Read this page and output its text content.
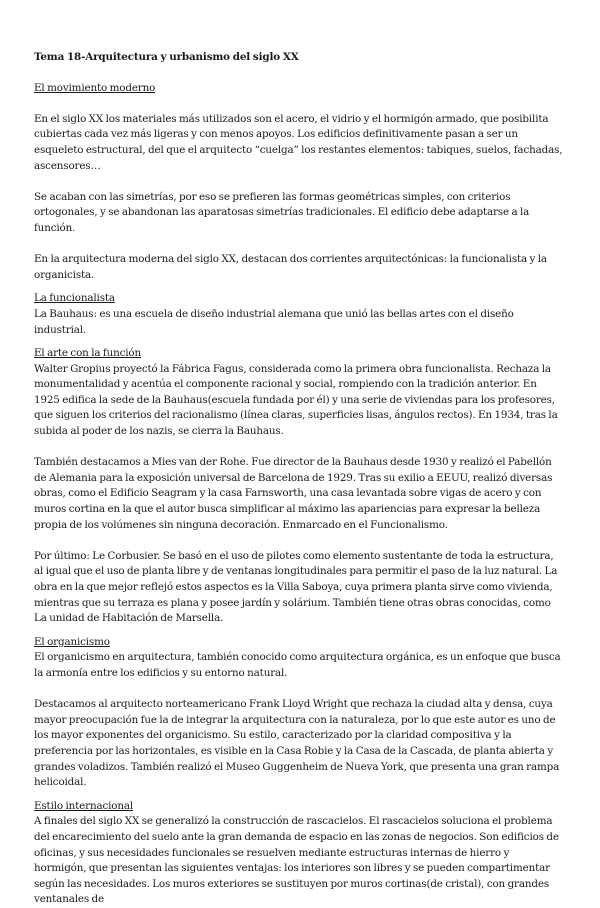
Tema 18-Arquitectura y urbanismo del siglo XX

El movimiento moderno

En el siglo XX los materiales más utilizados son el acero, el vidrio y el hormigón armado, que posibilita cubiertas cada vez más ligeras y con menos apoyos. Los edificios definitivamente pasan a ser un esqueleto estructural, del que el arquitecto “cuelga” los restantes elementos: tabiques, suelos, fachadas, ascensores…

Se acaban con las simetrías, por eso se prefieren las formas geométricas simples, con criterios ortogonales, y se abandonan las aparatosas simetrías tradicionales. El edificio debe adaptarse a la función.

En la arquitectura moderna del siglo XX, destacan dos corrientes arquitectónicas: la funcionalista y la organicista.

La funcionalista

La Bauhaus: es una escuela de diseño industrial alemana que unió las bellas artes con el diseño industrial.

El arte con la función

Walter Gropius proyectó la Fábrica Fagus, considerada como la primera obra funcionalista. Rechaza la monumentalidad y acentúa el componente racional y social, rompiendo con la tradición anterior. En 1925 edifica la sede de la Bauhaus(escuela fundada por él) y una serie de viviendas para los profesores, que siguen los criterios del racionalismo (línea claras, superficies lisas, ángulos rectos). En 1934, tras la subida al poder de los nazis, se cierra la Bauhaus.

También destacamos a Mies van der Rohe. Fue director de la Bauhaus desde 1930 y realizó el Pabellón de Alemania para la exposición universal de Barcelona de 1929. Tras su exilio a EEUU, realizó diversas obras, como el Edificio Seagram y la casa Farnsworth, una casa levantada sobre vigas de acero y con muros cortina en la que el autor busca simplificar al máximo las apariencias para expresar la belleza propia de los volúmenes sin ninguna decoración. Enmarcado en el Funcionalismo.

Por último: Le Corbusier. Se basó en el uso de pilotes como elemento sustentante de toda la estructura, al igual que el uso de planta libre y de ventanas longitudinales para permitir el paso de la luz natural. La obra en la que mejor reflejó estos aspectos es la Villa Saboya, cuya primera planta sirve como vivienda, mientras que su terraza es plana y posee jardín y solárium. También tiene otras obras conocidas, como La unidad de Habitación de Marsella.

El organicismo

El organicismo en arquitectura, también conocido como arquitectura orgánica, es un enfoque que busca la armonía entre los edificios y su entorno natural.

Destacamos al arquitecto norteamericano Frank Lloyd Wright que rechaza la ciudad alta y densa, cuya mayor preocupación fue la de integrar la arquitectura con la naturaleza, por lo que este autor es uno de los mayor exponentes del organicismo. Su estilo, caracterizado por la claridad compositiva y la preferencia por las horizontales, es visible en la Casa Robie y la Casa de la Cascada, de planta abierta y grandes voladizos. También realizó el Museo Guggenheim de Nueva York, que presenta una gran rampa helicoidal.

Estilo internacional

A finales del siglo XX se generalizó la construcción de rascacielos. El rascacielos soluciona el problema del encarecimiento del suelo ante la gran demanda de espacio en las zonas de negocios. Son edificios de oficinas, y sus necesidades funcionales se resuelven mediante estructuras internas de hierro y hormigón, que presentan las siguientes ventajas: los interiores son libres y se pueden compartimentar según las necesidades. Los muros exteriores se sustituyen por muros cortinas(de cristal), con grandes ventanales de
